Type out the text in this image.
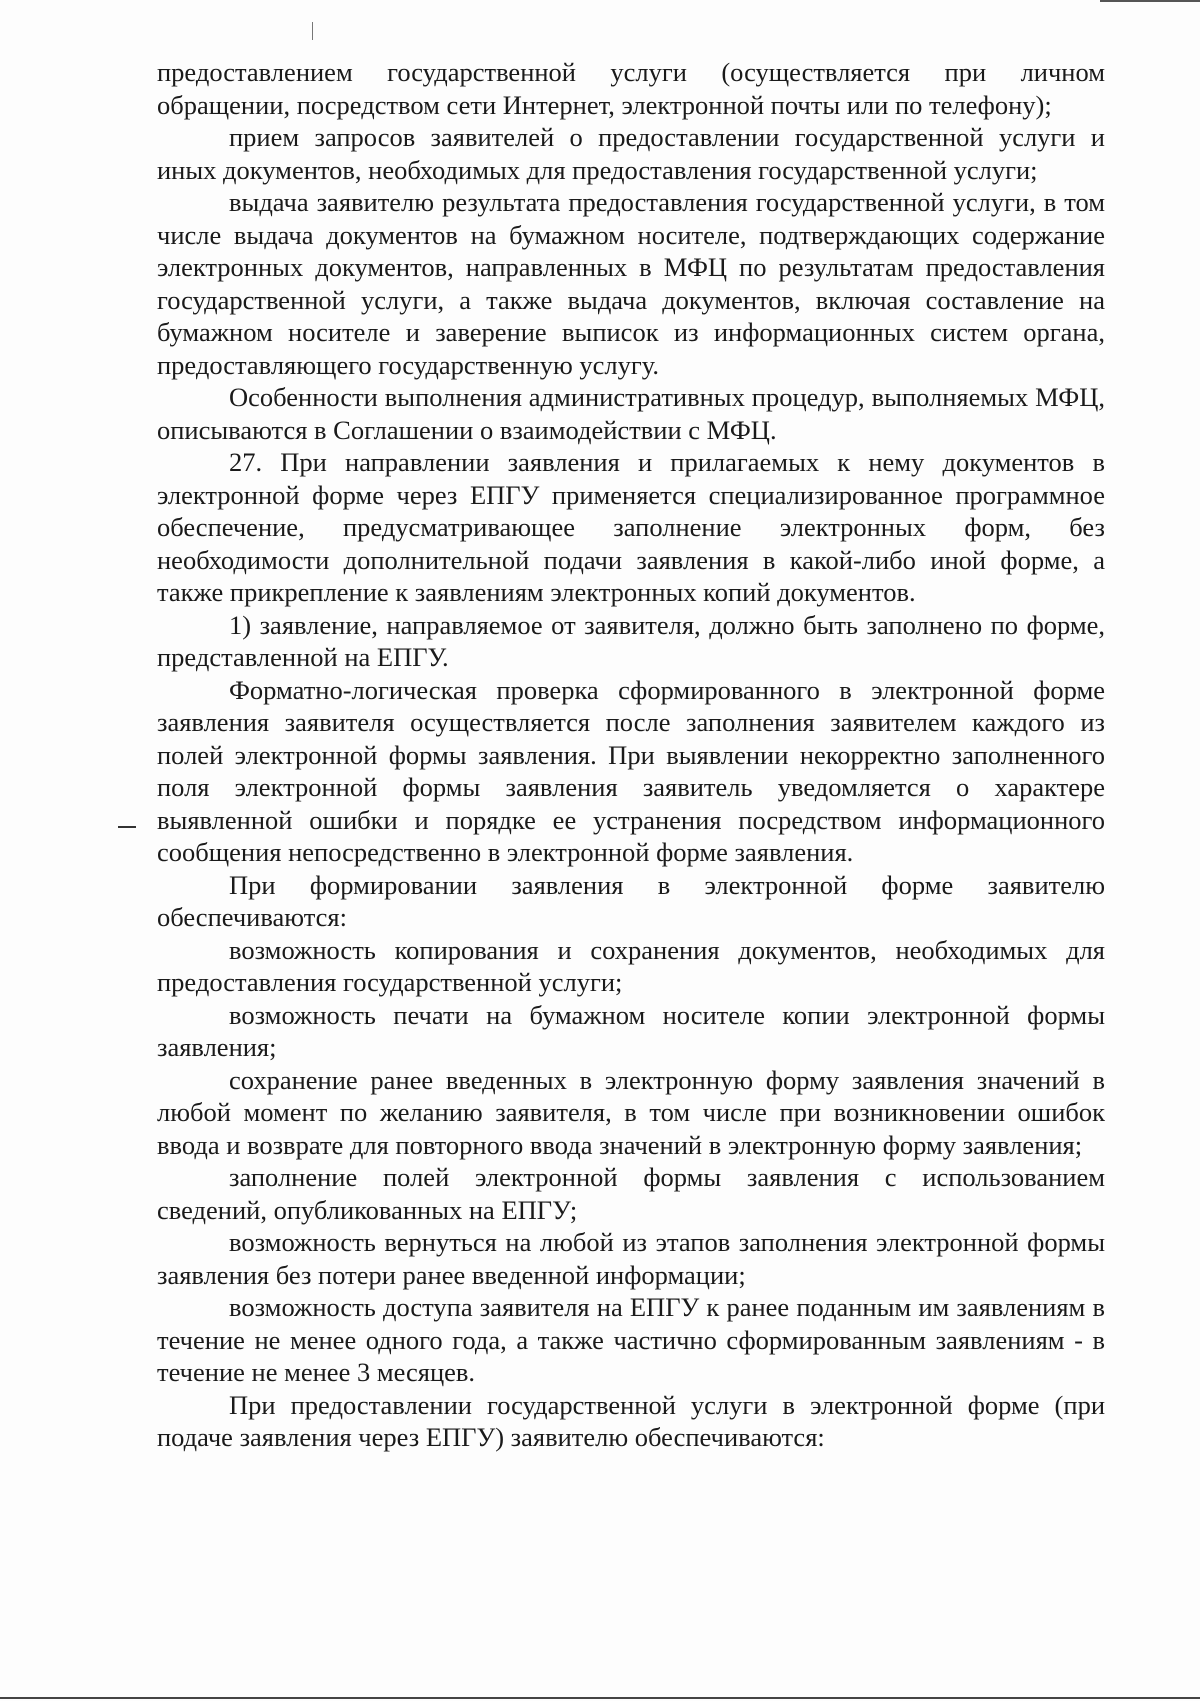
предоставлением государственной услуги (осуществляется при личном обращении, посредством сети Интернет, электронной почты или по телефону);

прием запросов заявителей о предоставлении государственной услуги и иных документов, необходимых для предоставления государственной услуги;

выдача заявителю результата предоставления государственной услуги, в том числе выдача документов на бумажном носителе, подтверждающих содержание электронных документов, направленных в МФЦ по результатам предоставления государственной услуги, а также выдача документов, включая составление на бумажном носителе и заверение выписок из информационных систем органа, предоставляющего государственную услугу.

Особенности выполнения административных процедур, выполняемых МФЦ, описываются в Соглашении о взаимодействии с МФЦ.

27. При направлении заявления и прилагаемых к нему документов в электронной форме через ЕПГУ применяется специализированное программное обеспечение, предусматривающее заполнение электронных форм, без необходимости дополнительной подачи заявления в какой-либо иной форме, а также прикрепление к заявлениям электронных копий документов.

1) заявление, направляемое от заявителя, должно быть заполнено по форме, представленной на ЕПГУ.

Форматно-логическая проверка сформированного в электронной форме заявления заявителя осуществляется после заполнения заявителем каждого из полей электронной формы заявления. При выявлении некорректно заполненного поля электронной формы заявления заявитель уведомляется о характере выявленной ошибки и порядке ее устранения посредством информационного сообщения непосредственно в электронной форме заявления.

При формировании заявления в электронной форме заявителю обеспечиваются:

возможность копирования и сохранения документов, необходимых для предоставления государственной услуги;

возможность печати на бумажном носителе копии электронной формы заявления;

сохранение ранее введенных в электронную форму заявления значений в любой момент по желанию заявителя, в том числе при возникновении ошибок ввода и возврате для повторного ввода значений в электронную форму заявления;

заполнение полей электронной формы заявления с использованием сведений, опубликованных на ЕПГУ;

возможность вернуться на любой из этапов заполнения электронной формы заявления без потери ранее введенной информации;

возможность доступа заявителя на ЕПГУ к ранее поданным им заявлениям в течение не менее одного года, а также частично сформированным заявлениям - в течение не менее 3 месяцев.

При предоставлении государственной услуги в электронной форме (при подаче заявления через ЕПГУ) заявителю обеспечиваются:
